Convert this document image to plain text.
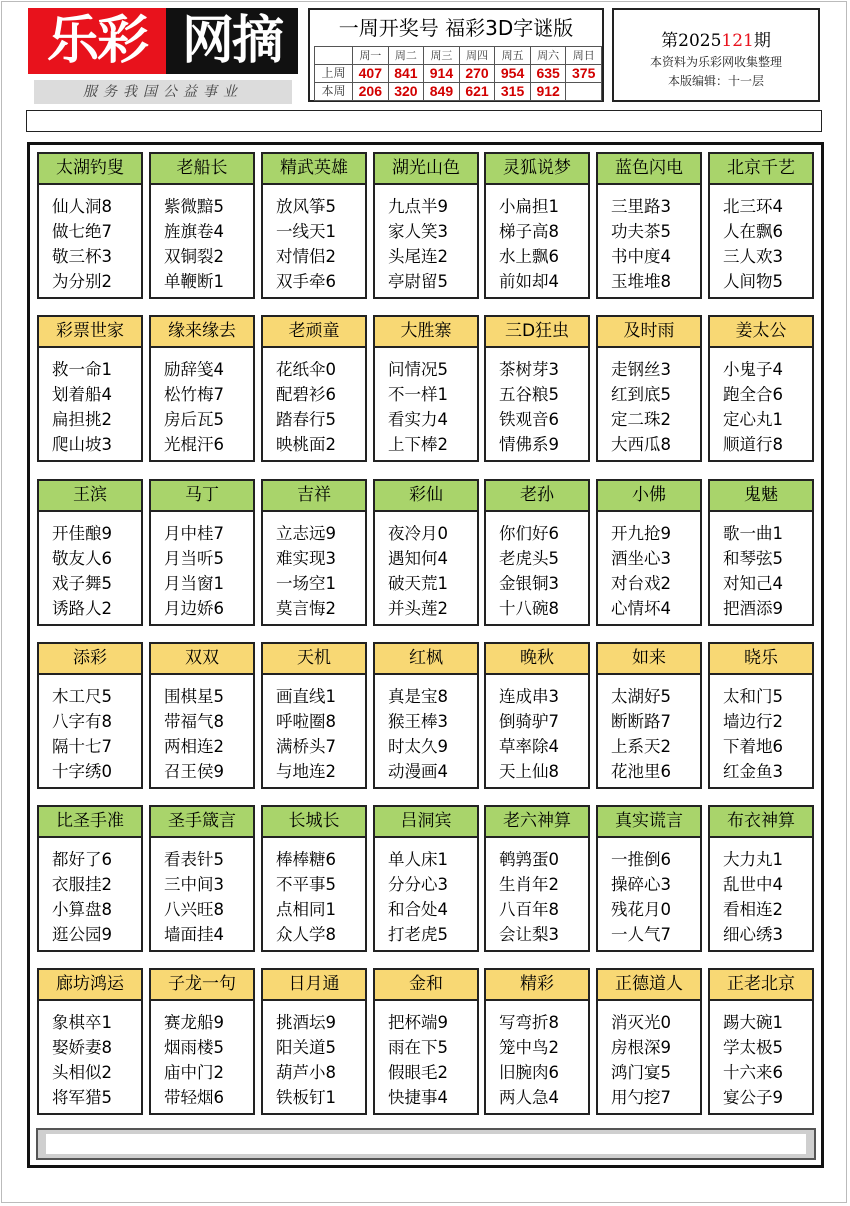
乐彩 网摘
服务我国公益事业
一周开奖号 福彩3D字谜版
	周一	周二	周三	周四	周五	周六	周日
上周	407	841	914	270	954	635	375
本周	206	320	849	621	315	912	
第2025121期
本资料为乐彩网收集整理
本版编辑：十一层
太湖钓叟
仙人洞8
做七绝7
敬三杯3
为分别2
老船长
紫微黯5
旌旗卷4
双铜裂2
单鞭断1
精武英雄
放风筝5
一线天1
对情侣2
双手牵6
湖光山色
九点半9
家人笑3
头尾连2
亭尉留5
灵狐说梦
小扁担1
梯子高8
水上飘6
前如却4
蓝色闪电
三里路3
功夫茶5
书中度4
玉堆堆8
北京千艺
北三环4
人在飘6
三人欢3
人间物5
彩票世家
救一命1
划着船4
扁担挑2
爬山坡3
缘来缘去
励辞笺4
松竹梅7
房后瓦5
光棍汗6
老顽童
花纸伞0
配碧衫6
踏春行5
映桃面2
大胜寨
问情况5
不一样1
看实力4
上下棒2
三D狂虫
茶树芽3
五谷粮5
铁观音6
情佛系9
及时雨
走钢丝3
红到底5
定二珠2
大西瓜8
姜太公
小鬼子4
跑全合6
定心丸1
顺道行8
王滨
开佳酿9
敬友人6
戏子舞5
诱路人2
马丁
月中桂7
月当听5
月当窗1
月边娇6
吉祥
立志远9
难实现3
一场空1
莫言悔2
彩仙
夜冷月0
遇知何4
破天荒1
并头莲2
老孙
你们好6
老虎头5
金银铜3
十八碗8
小佛
开九抢9
酒坐心3
对台戏2
心情坏4
鬼魅
歌一曲1
和琴弦5
对知己4
把酒添9
添彩
木工尺5
八字有8
隔十七7
十字绣0
双双
围棋星5
带福气8
两相连2
召王侯9
天机
画直线1
呼啦圈8
满桥头7
与地连2
红枫
真是宝8
猴王棒3
时太久9
动漫画4
晚秋
连成串3
倒骑驴7
草率除4
天上仙8
如来
太湖好5
断断路7
上系天2
花池里6
晓乐
太和门5
墙边行2
下着地6
红金鱼3
比圣手准
都好了6
衣服挂2
小算盘8
逛公园9
圣手箴言
看表针5
三中间3
八兴旺8
墙面挂4
长城长
棒棒糖6
不平事5
点相同1
众人学8
吕洞宾
单人床1
分分心3
和合处4
打老虎5
老六神算
鹌鹑蛋0
生肖年2
八百年8
会让梨3
真实谎言
一推倒6
操碎心3
残花月0
一人气7
布衣神算
大力丸1
乱世中4
看相连2
细心绣3
廊坊鸿运
象棋卒1
娶娇妻8
头相似2
将军猎5
子龙一句
赛龙船9
烟雨楼5
庙中门2
带轻烟6
日月通
挑酒坛9
阳关道5
葫芦小8
铁板钉1
金和
把杯端9
雨在下5
假眼毛2
快捷事4
精彩
写弯折8
笼中鸟2
旧腕肉6
两人急4
正德道人
消灭光0
房根深9
鸿门宴5
用勺挖7
正老北京
踢大碗1
学太极5
十六来6
宴公子9
